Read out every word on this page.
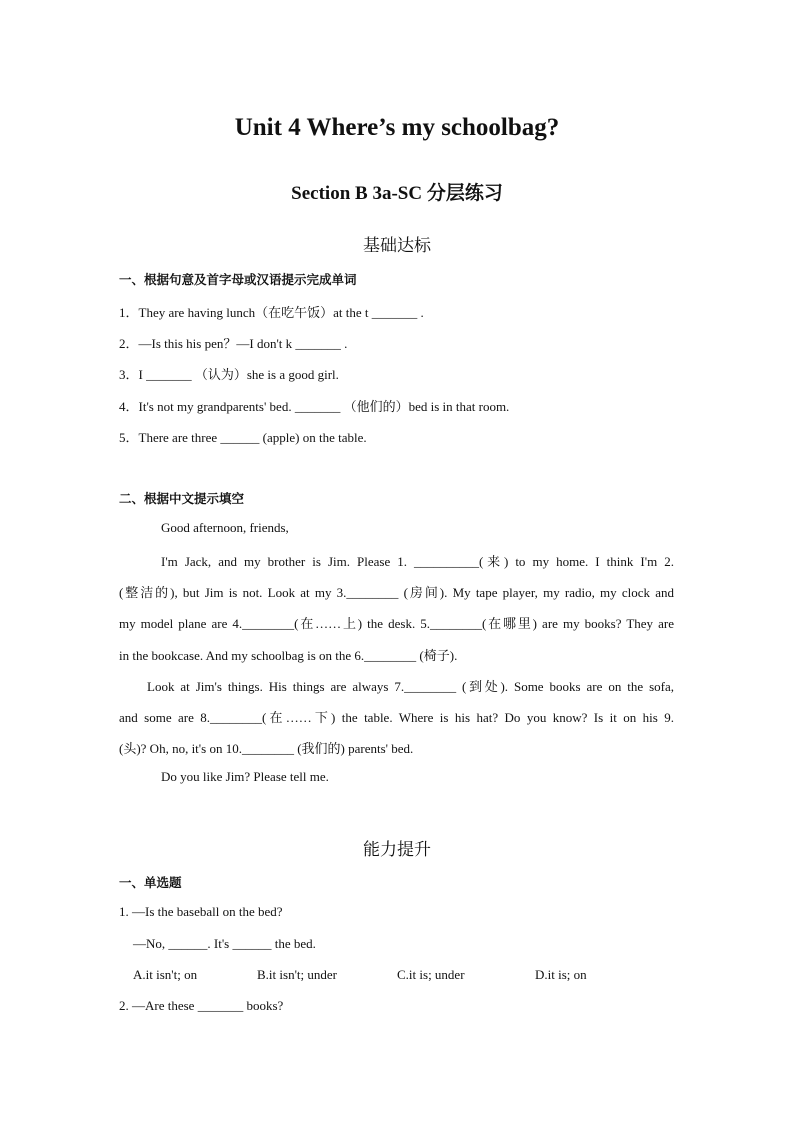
Unit 4 Where’s my schoolbag?
Section B 3a-SC 分层练习
基础达标
一、根据句意及首字母或汉语提示完成单词
1．They are having lunch（在吃午饭）at the t _______ .
2．—Is this his pen？—I don't k _______ .
3．I _______ （认为）she is a good girl.
4．It's not my grandparents' bed. _______ （他们的）bed is in that room.
5．There are three ______ (apple) on the table.
二、根据中文提示填空
Good afternoon, friends,
I'm Jack, and my brother is Jim. Please 1. __________(来) to my home. I think I'm 2.
(整洁的), but Jim is not. Look at my 3.________ (房间). My tape player, my radio, my clock and
my model plane are 4.________(在……上) the desk. 5.________(在哪里) are my books? They are
in the bookcase. And my schoolbag is on the 6.________ (椅子).
Look at Jim's things. His things are always 7.________ (到处). Some books are on the sofa,
and some are 8.________(在……下) the table. Where is his hat? Do you know? Is it on his 9.
(头)? Oh, no, it's on 10.________ (我们的) parents' bed.
Do you like Jim? Please tell me.
能力提升
一、单选题
1. —Is the baseball on the bed?
—No, ______. It's ______ the bed.
A.it isn't; on	B.it isn't; under	C.it is; under	D.it is; on
2. —Are these _______ books?
